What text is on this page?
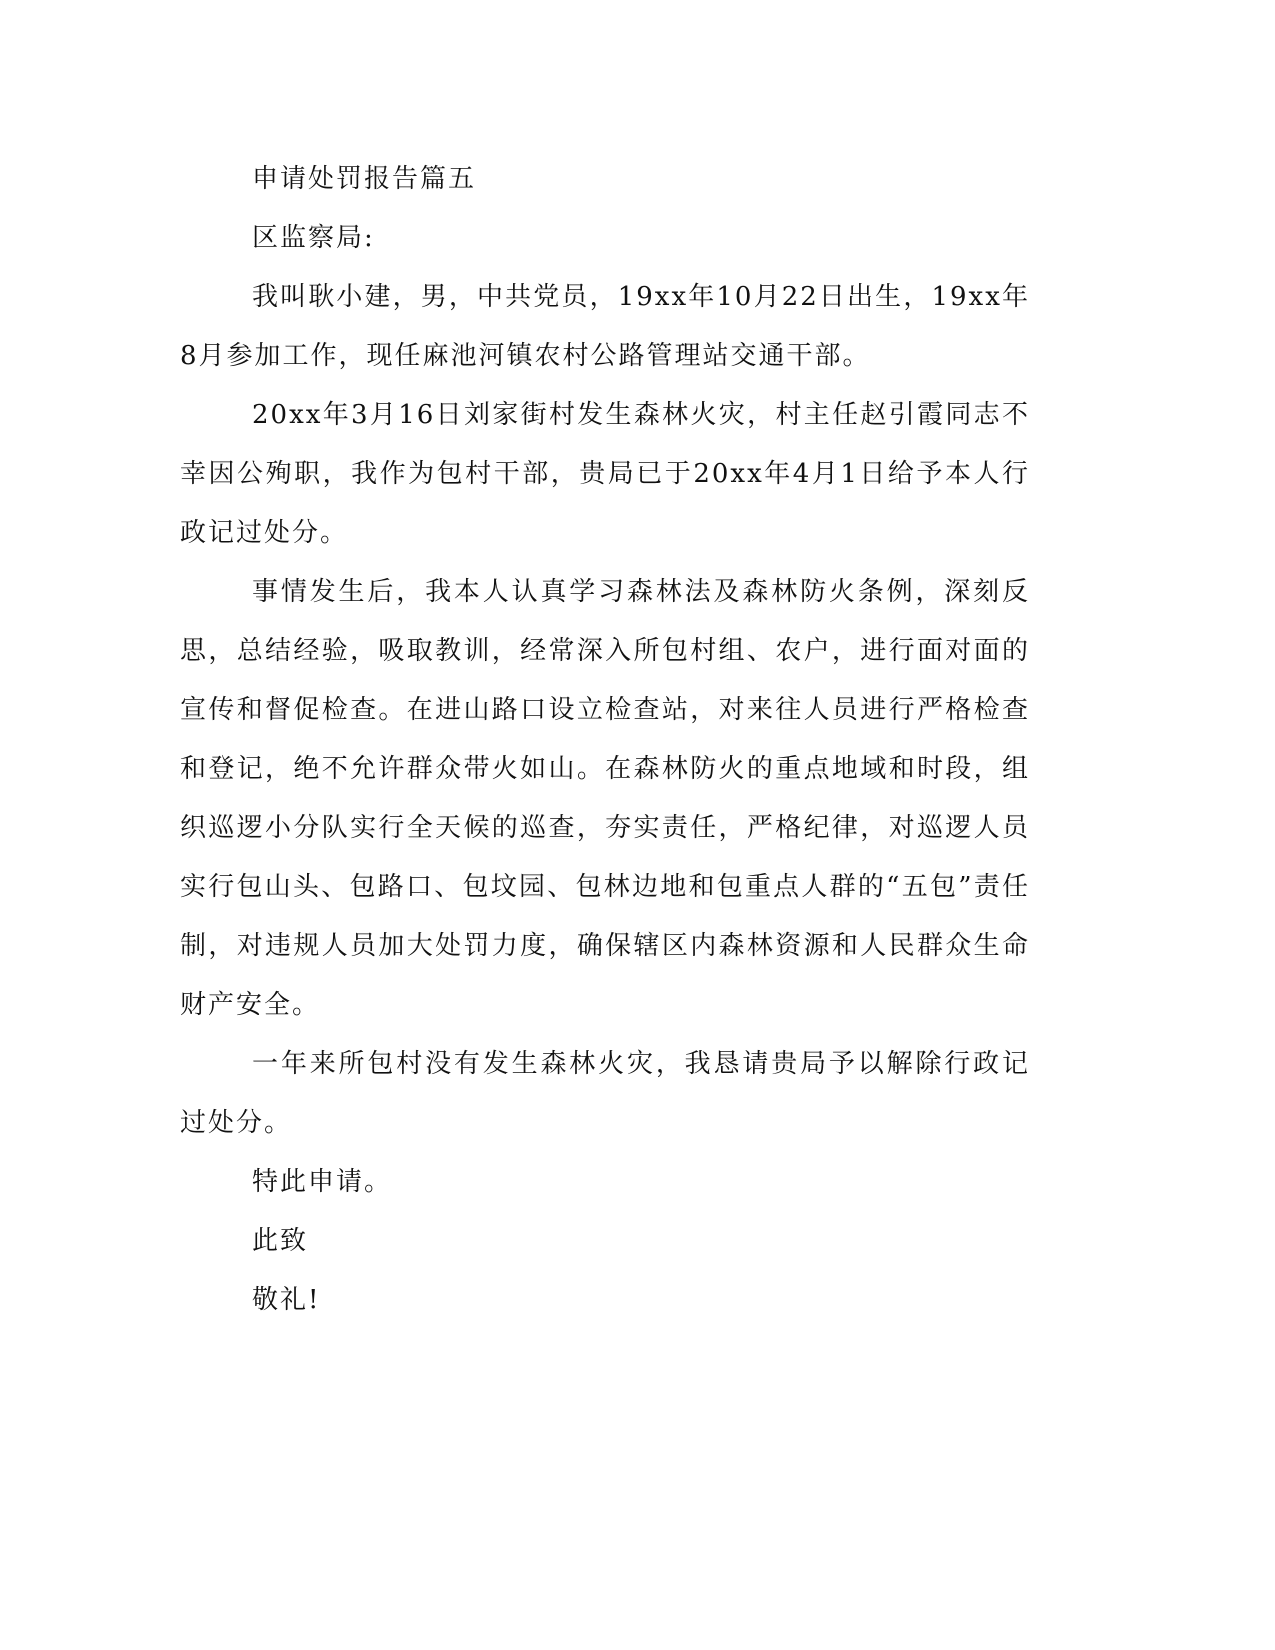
申请处罚报告篇五

区监察局:

我叫耿小建，男，中共党员，19xx年10月22日出生，19xx年8月参加工作，现任麻池河镇农村公路管理站交通干部。

20xx年3月16日刘家街村发生森林火灾，村主任赵引霞同志不幸因公殉职，我作为包村干部，贵局已于20xx年4月1日给予本人行政记过处分。

事情发生后，我本人认真学习森林法及森林防火条例，深刻反思，总结经验，吸取教训，经常深入所包村组、农户，进行面对面的宣传和督促检查。在进山路口设立检查站，对来往人员进行严格检查和登记，绝不允许群众带火如山。在森林防火的重点地域和时段，组织巡逻小分队实行全天候的巡查，夯实责任，严格纪律，对巡逻人员实行包山头、包路口、包坟园、包林边地和包重点人群的“五包”责任制，对违规人员加大处罚力度，确保辖区内森林资源和人民群众生命财产安全。

一年来所包村没有发生森林火灾，我恳请贵局予以解除行政记过处分。

特此申请。

此致

敬礼!
